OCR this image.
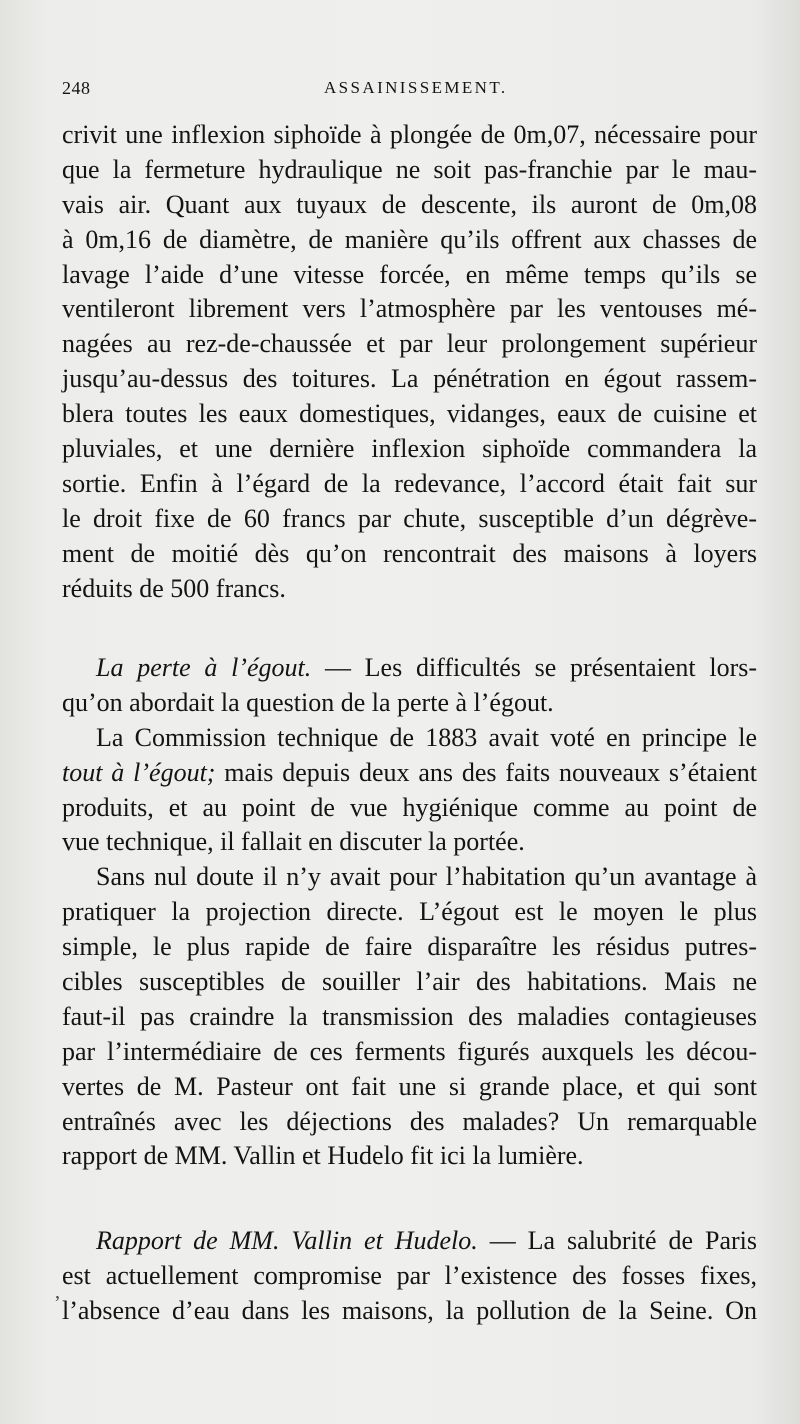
248	ASSAINISSEMENT.
crivit une inflexion siphoïde à plongée de 0m,07, nécessaire pour
que la fermeture hydraulique ne soit pas-franchie par le mau-
vais air. Quant aux tuyaux de descente, ils auront de 0m,08
à 0m,16 de diamètre, de manière qu’ils offrent aux chasses de
lavage l’aide d’une vitesse forcée, en même temps qu’ils se
ventileront librement vers l’atmosphère par les ventouses mé-
nagées au rez-de-chaussée et par leur prolongement supérieur
jusqu’au-dessus des toitures. La pénétration en égout rassem-
blera toutes les eaux domestiques, vidanges, eaux de cuisine et
pluviales, et une dernière inflexion siphoïde commandera la
sortie. Enfin à l’égard de la redevance, l’accord était fait sur
le droit fixe de 60 francs par chute, susceptible d’un dégrève-
ment de moitié dès qu’on rencontrait des maisons à loyers
réduits de 500 francs.
La perte à l’égout. — Les difficultés se présentaient lors-
qu’on abordait la question de la perte à l’égout.
La Commission technique de 1883 avait voté en principe le
tout à l’égout; mais depuis deux ans des faits nouveaux s’étaient
produits, et au point de vue hygiénique comme au point de
vue technique, il fallait en discuter la portée.
Sans nul doute il n’y avait pour l’habitation qu’un avantage à
pratiquer la projection directe. L’égout est le moyen le plus
simple, le plus rapide de faire disparaître les résidus putres-
cibles susceptibles de souiller l’air des habitations. Mais ne
faut-il pas craindre la transmission des maladies contagieuses
par l’intermédiaire de ces ferments figurés auxquels les décou-
vertes de M. Pasteur ont fait une si grande place, et qui sont
entraînés avec les déjections des malades? Un remarquable
rapport de MM. Vallin et Hudelo fit ici la lumière.
Rapport de MM. Vallin et Hudelo. — La salubrité de Paris
est actuellement compromise par l’existence des fosses fixes,
l’absence d’eau dans les maisons, la pollution de la Seine. On
’
